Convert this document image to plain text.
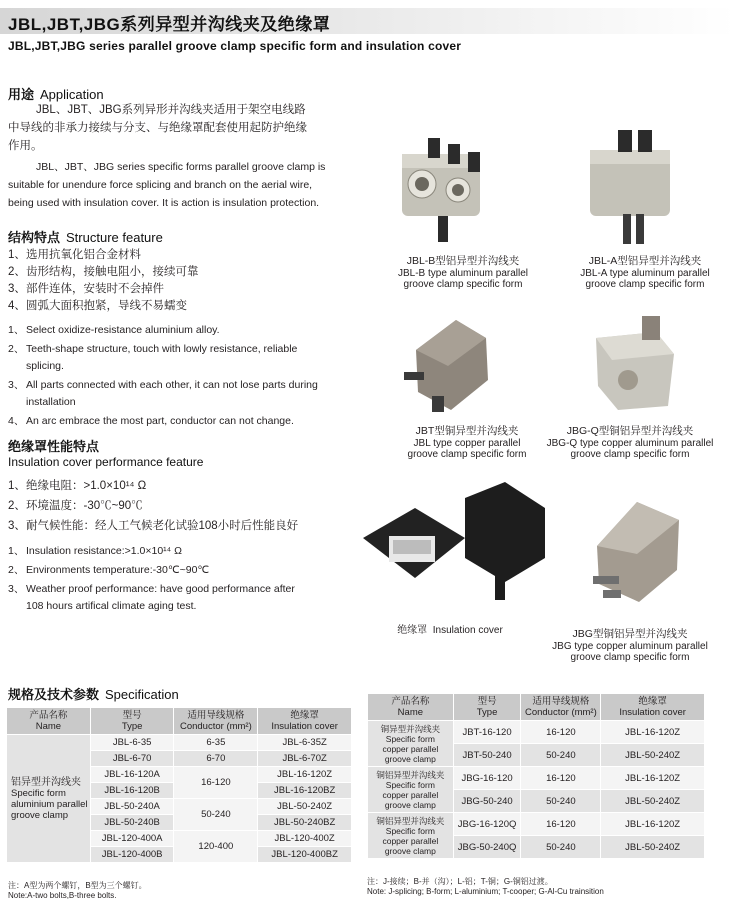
JBL,JBT,JBG系列异型并沟线夹及绝缘罩
JBL,JBT,JBG series parallel groove clamp specific form and insulation cover
用途 Application
JBL、JBT、JBG系列异形并沟线夹适用于架空电线路
中导线的非承力接续与分支、与绝缘罩配套使用起防护绝缘
作用。
JBL、JBT、JBG series specific forms parallel groove clamp is
suitable for unendure force splicing and branch on the aerial wire,
being used with insulation cover. It is action is insulation protection.
结构特点 Structure feature
1、 选用抗氧化铝合金材料
2、 齿形结构，接触电阻小，接续可靠
3、 部件连体，安装时不会掉件
4、 圆弧大面积抱紧，导线不易蠕变
1、 Select oxidize-resistance aluminium alloy.
2、 Teeth-shape structure, touch with lowly resistance, reliable
splicing.
3、 All parts connected with each other, it can not lose parts during
installation
4、 An arc embrace the most part, conductor can not change.
绝缘罩性能特点
Insulation cover performance feature
1、 绝缘电阻：>1.0×10¹⁴ Ω
2、 环境温度：-30℃~90℃
3、 耐气候性能：经人工气候老化试验108小时后性能良好
1、 Insulation resistance:>1.0×10¹⁴ Ω
2、 Environments temperature:-30℃~90℃
3、 Weather proof performance: have good performance after
108 hours artifical climate aging test.
JBL-B型铝异型并沟线夹
JBL-B type aluminum parallel
groove clamp specific form
JBL-A型铝异型并沟线夹
JBL-A type aluminum parallel
groove clamp specific form
JBT型铜异型并沟线夹
JBL type copper parallel
groove clamp specific form
JBG-Q型铜铝异型并沟线夹
JBG-Q type copper aluminum parallel
groove clamp specific form
绝缘罩 Insulation cover	JBG型铜铝异型并沟线夹
JBG type copper aluminum parallel
groove clamp specific form
规格及技术参数 Specification
产品名称
Name	型号
Type	适用导线规格
Conductor (mm²)	绝缘罩
Insulation cover
铝异型并沟线夹
Specific form
aluminium parallel
groove clamp	JBL-6-35	6-35	JBL-6-35Z
	JBL-6-70	6-70	JBL-6-70Z
	JBL-16-120A	16-120	JBL-16-120Z
	JBL-16-120B		JBL-16-120BZ
	JBL-50-240A	50-240	JBL-50-240Z
	JBL-50-240B		JBL-50-240BZ
	JBL-120-400A	120-400	JBL-120-400Z
	JBL-120-400B		JBL-120-400BZ
产品名称
Name	型号
Type	适用导线规格
Conductor (mm²)	绝缘罩
Insulation cover
铜异型并沟线夹
Specific form
copper parallel
groove clamp	JBT-16-120	16-120	JBL-16-120Z
	JBT-50-240	50-240	JBL-50-240Z
铜铝异型并沟线夹
Specific form
copper parallel
groove clamp	JBG-16-120	16-120	JBL-16-120Z
	JBG-50-240	50-240	JBL-50-240Z
铜铝异型并沟线夹
Specific form
copper parallel
groove clamp	JBG-16-120Q	16-120	JBL-16-120Z
	JBG-50-240Q	50-240	JBL-50-240Z
注：A型为两个螺钉，B型为三个螺钉。
Note:A-two bolts,B-three bolts.
注：J-接续；B-并（沟）；L-铝；T-铜；G-铜铝过渡。
Note: J-splicing; B-form; L-aluminium; T-cooper; G-Al-Cu trainsition
